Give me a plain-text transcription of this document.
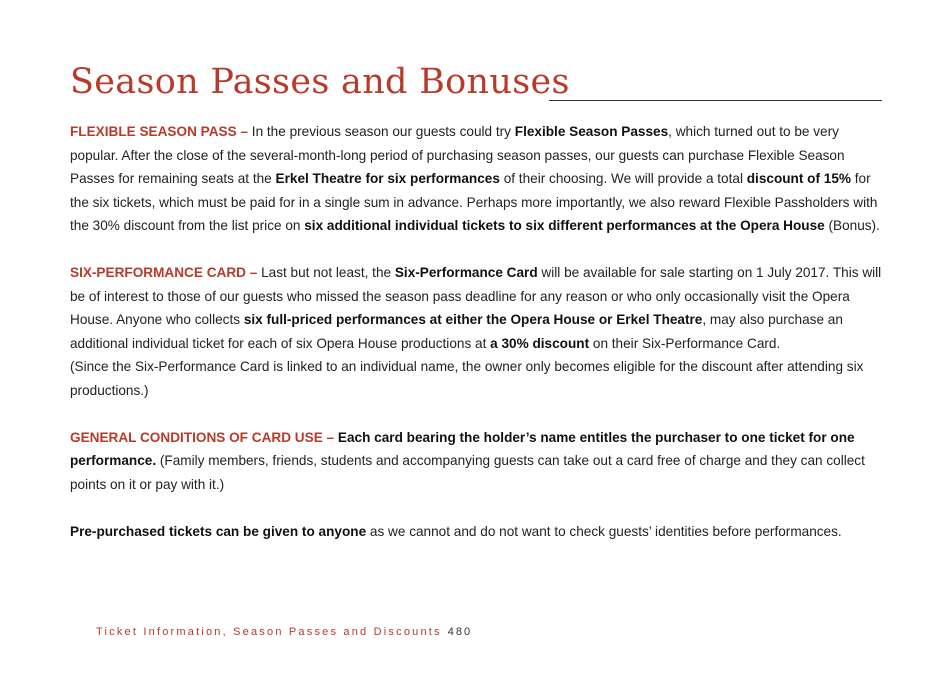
Season Passes and Bonuses

FLEXIBLE SEASON PASS – In the previous season our guests could try Flexible Season Passes, which turned out to be very popular. After the close of the several-month-long period of purchasing season passes, our guests can purchase Flexible Season Passes for remaining seats at the Erkel Theatre for six performances of their choosing. We will provide a total discount of 15% for the six tickets, which must be paid for in a single sum in advance. Perhaps more importantly, we also reward Flexible Passholders with the 30% discount from the list price on six additional individual tickets to six different performances at the Opera House (Bonus).

SIX-PERFORMANCE CARD – Last but not least, the Six-Performance Card will be available for sale starting on 1 July 2017. This will be of interest to those of our guests who missed the season pass deadline for any reason or who only occasionally visit the Opera House. Anyone who collects six full-priced performances at either the Opera House or Erkel Theatre, may also purchase an additional individual ticket for each of six Opera House productions at a 30% discount on their Six-Performance Card.
(Since the Six-Performance Card is linked to an individual name, the owner only becomes eligible for the discount after attending six productions.)

GENERAL CONDITIONS OF CARD USE – Each card bearing the holder’s name entitles the purchaser to one ticket for one performance. (Family members, friends, students and accompanying guests can take out a card free of charge and they can collect points on it or pay with it.)

Pre-purchased tickets can be given to anyone as we cannot and do not want to check guests’ identities before performances.

Ticket Information, Season Passes and Discounts 480
